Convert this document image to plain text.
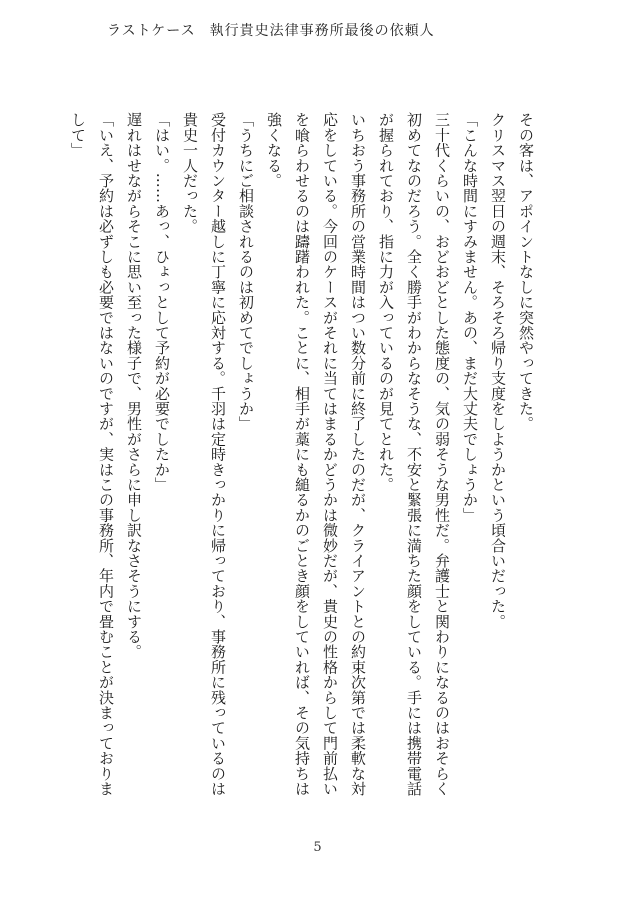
ラストケース 執行貴史法律事務所最後の依頼人

その客は、アポイントなしに突然やってきた。

クリスマス翌日の週末、そろそろ帰り支度をしようかという頃合いだった。

「こんな時間にすみません。あの、まだ大丈夫でしょうか」

三十代くらいの、おどおどとした態度の、気の弱そうな男性だ。弁護士と関わりになるのはおそらく初めてなのだろう。全く勝手がわからなそうな、不安と緊張に満ちた顔をしている。手には携帯電話が握られており、指に力が入っているのが見てとれた。

いちおう事務所の営業時間はつい数分前に終了したのだが、クライアントとの約束次第では柔軟な対応をしている。今回のケースがそれに当てはまるかどうかは微妙だが、貴史の性格からして門前払いを喰らわせるのは躊躇われた。ことに、相手が藁にも縋るかのごとき顔をしていれば、その気持ちは強くなる。

「うちにご相談されるのは初めてでしょうか」

受付カウンター越しに丁寧に応対する。千羽は定時きっかりに帰っており、事務所に残っているのは貴史一人だった。

「はい。……あっ、ひょっとして予約が必要でしたか」

遅れはせながらそこに思い至った様子で、男性がさらに申し訳なさそうにする。

「いえ、予約は必ずしも必要ではないのですが、実はこの事務所、年内で畳むことが決まっておりまして」

5
